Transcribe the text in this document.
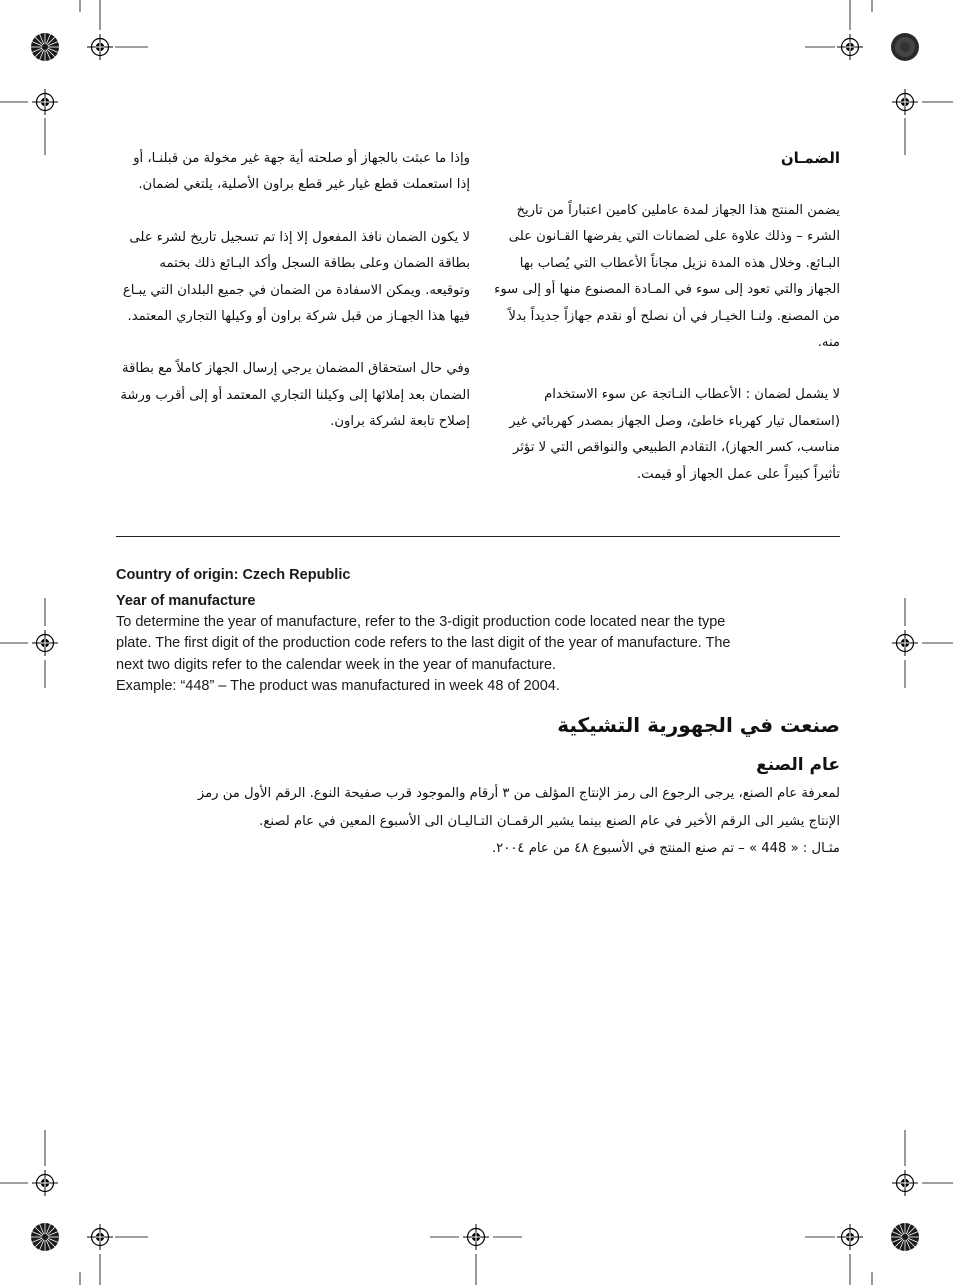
الضمـان

يضمن المنتج هذا الجهاز لمدة عاملين كامين اعتباراً من تاريخ الشرء – وذلك علاوة على لضمانات التي يفرضها القـانون على البـائع. وخلال هذه المدة نزيل مجاناً الأعطاب التي يُصاب بها الجهاز والتي تعود إلى سوء في المـادة المصنوع منها أو إلى سوء من المصنع. ولنـا الخيـار في أن نصلح أو نقدم جهازاً جديداً بدلاً منه.

لا يشمل لضمان : الأعطاب النـاتجة عن سوء الاستخدام (استعمال تيار كهرباء خاطئ، وصل الجهاز بمصدر كهربائي غير مناسب، كسر الجهاز)، التقادم الطبيعي والنواقص التي لا تؤثر تأثيراً كبيراً على عمل الجهاز أو قيمت.

وإذا ما عبثت بالجهاز أو صلحته أية جهة غير مخولة من قبلنـا، أو إذا استعملت قطع غيار غير قطع براون الأصلية، يلتغي لضمان.

لا يكون الضمان نافذ المفعول إلا إذا تم تسجيل تاريخ لشرء على بطاقة الضمان وعلى بطاقة السجل وأكد البـائع ذلك بختمه وتوقيعه. ويمكن الاسفادة من الضمان في جميع البلدان التي يبـاع فيها هذا الجهـاز من قبل شركة براون أو وكيلها التجاري المعتمد.

وفي حال استحقاق المضمان يرجي إرسال الجهاز كاملاً مع بطاقة الضمان بعد إملائها إلى وكيلنا التجاري المعتمد أو إلى أقرب ورشة إصلاح تابعة لشركة براون.

Country of origin: Czech Republic
Year of manufacture

To determine the year of manufacture, refer to the 3-digit production code located near the type

plate. The first digit of the production code refers to the last digit of the year of manufacture. The

next two digits refer to the calendar week in the year of manufacture.

Example: “448” – The product was manufactured in week 48 of 2004.

صنعت في الجهورية التشيكية
عام الصنع

لمعرفة عام الصنع، يرجى الرجوع الى رمز الإنتاج المؤلف من ٣ أرقام والموجود قرب صفيحة النوع. الرقم الأول من رمز

الإنتاج يشير الى الرقم الأخير في عام الصنع بينما يشير الرقمـان التـاليـان الى الأسبوع المعين في عام لصنع.

مثـال : « 448 » – تم صنع المنتج في الأسبوع ٤٨ من عام ٢٠٠٤.
